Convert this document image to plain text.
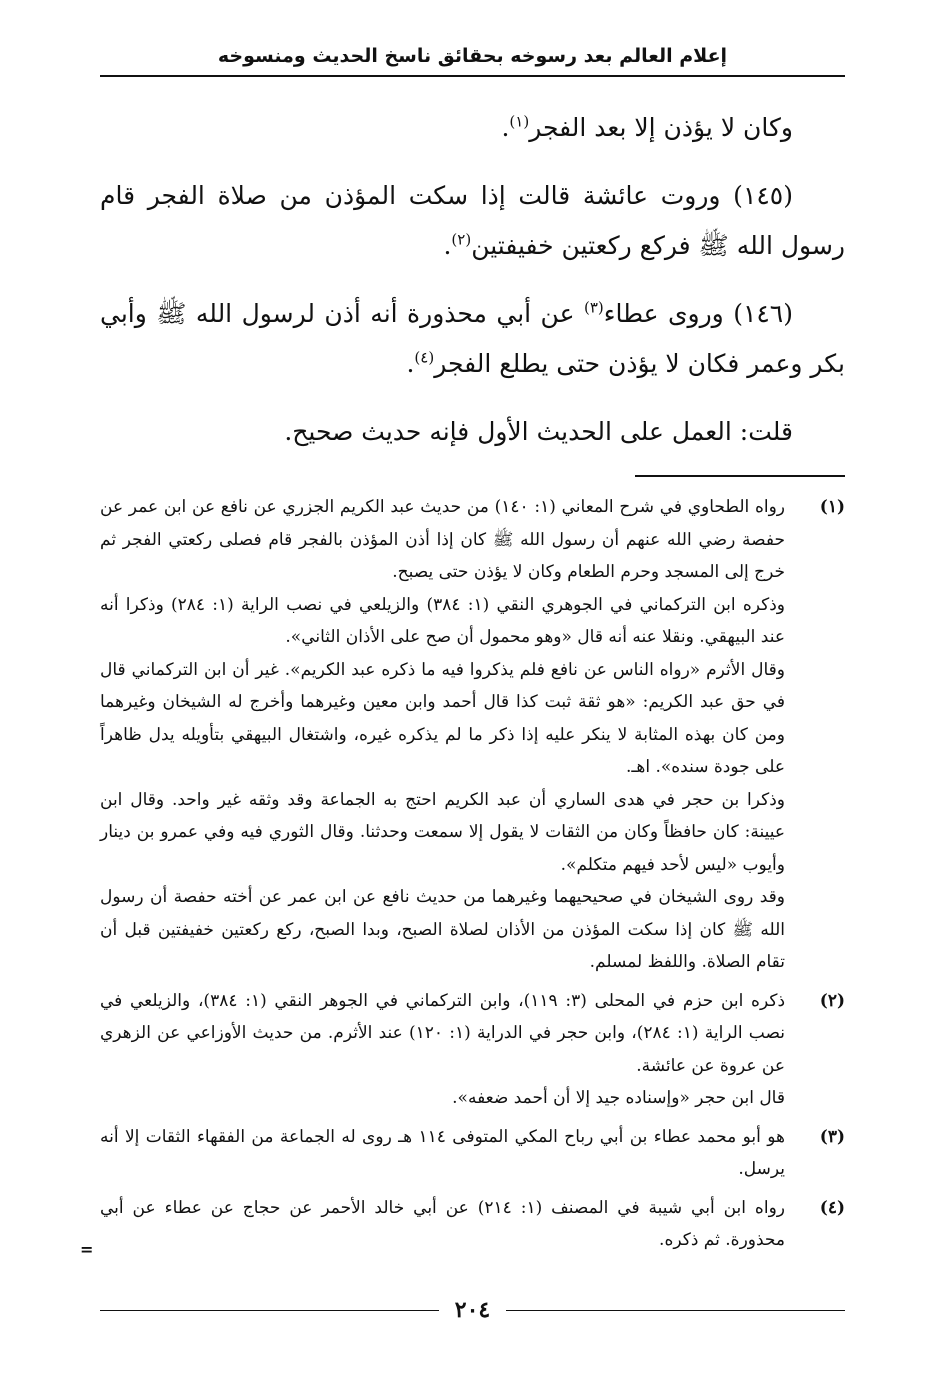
إعلام العالم بعد رسوخه بحقائق ناسخ الحديث ومنسوخه

وكان لا يؤذن إلا بعد الفجر$^{(١)}$.

(١٤٥) وروت عائشة قالت إذا سكت المؤذن من صلاة الفجر قام رسول الله ﷺ فركع ركعتين خفيفتين$^{(٢)}$.

(١٤٦) وروى عطاء$^{(٣)}$ عن أبي محذورة أنه أذن لرسول الله ﷺ وأبي بكر وعمر فكان لا يؤذن حتى يطلع الفجر$^{(٤)}$.

قلت: العمل على الحديث الأول فإنه حديث صحيح.

(١)

رواه الطحاوي في شرح المعاني (١: ١٤٠) من حديث عبد الكريم الجزري عن نافع عن ابن عمر عن حفصة رضي الله عنهم أن رسول الله ﷺ كان إذا أذن المؤذن بالفجر قام فصلى ركعتي الفجر ثم خرج إلى المسجد وحرم الطعام وكان لا يؤذن حتى يصبح.

وذكره ابن التركماني في الجوهري النقي (١: ٣٨٤) والزيلعي في نصب الراية (١: ٢٨٤) وذكرا أنه عند البيهقي. ونقلا عنه أنه قال «وهو محمول أن صح على الأذان الثاني».

وقال الأثرم «رواه الناس عن نافع فلم يذكروا فيه ما ذكره عبد الكريم». غير أن ابن التركماني قال في حق عبد الكريم: «هو ثقة ثبت كذا قال أحمد وابن معين وغيرهما وأخرج له الشيخان وغيرهما ومن كان بهذه المثابة لا ينكر عليه إذا ذكر ما لم يذكره غيره، واشتغال البيهقي بتأويله يدل ظاهراً على جودة سنده». اهـ.

وذكرا بن حجر في هدى الساري أن عبد الكريم احتج به الجماعة وقد وثقه غير واحد. وقال ابن عيينة: كان حافظاً وكان من الثقات لا يقول إلا سمعت وحدثنا. وقال الثوري فيه وفي عمرو بن دينار وأيوب «ليس لأحد فيهم متكلم».

وقد روى الشيخان في صحيحيهما وغيرهما من حديث نافع عن ابن عمر عن أخته حفصة أن رسول الله ﷺ كان إذا سكت المؤذن من الأذان لصلاة الصبح، وبدا الصبح، ركع ركعتين خفيفتين قبل أن تقام الصلاة. واللفظ لمسلم.

(٢)

ذكره ابن حزم في المحلى (٣: ١١٩)، وابن التركماني في الجوهر النقي (١: ٣٨٤)، والزيلعي في نصب الراية (١: ٢٨٤)، وابن حجر في الدراية (١: ١٢٠) عند الأثرم. من حديث الأوزاعي عن الزهري عن عروة عن عائشة.

قال ابن حجر «وإسناده جيد إلا أن أحمد ضعفه».

(٣)

هو أبو محمد عطاء بن أبي رباح المكي المتوفى ١١٤ هـ روى له الجماعة من الفقهاء الثقات إلا أنه يرسل.

(٤)

رواه ابن أبي شيبة في المصنف (١: ٢١٤) عن أبي خالد الأحمر عن حجاج عن عطاء عن أبي محذورة. ثم ذكره.

=
٢٠٤
